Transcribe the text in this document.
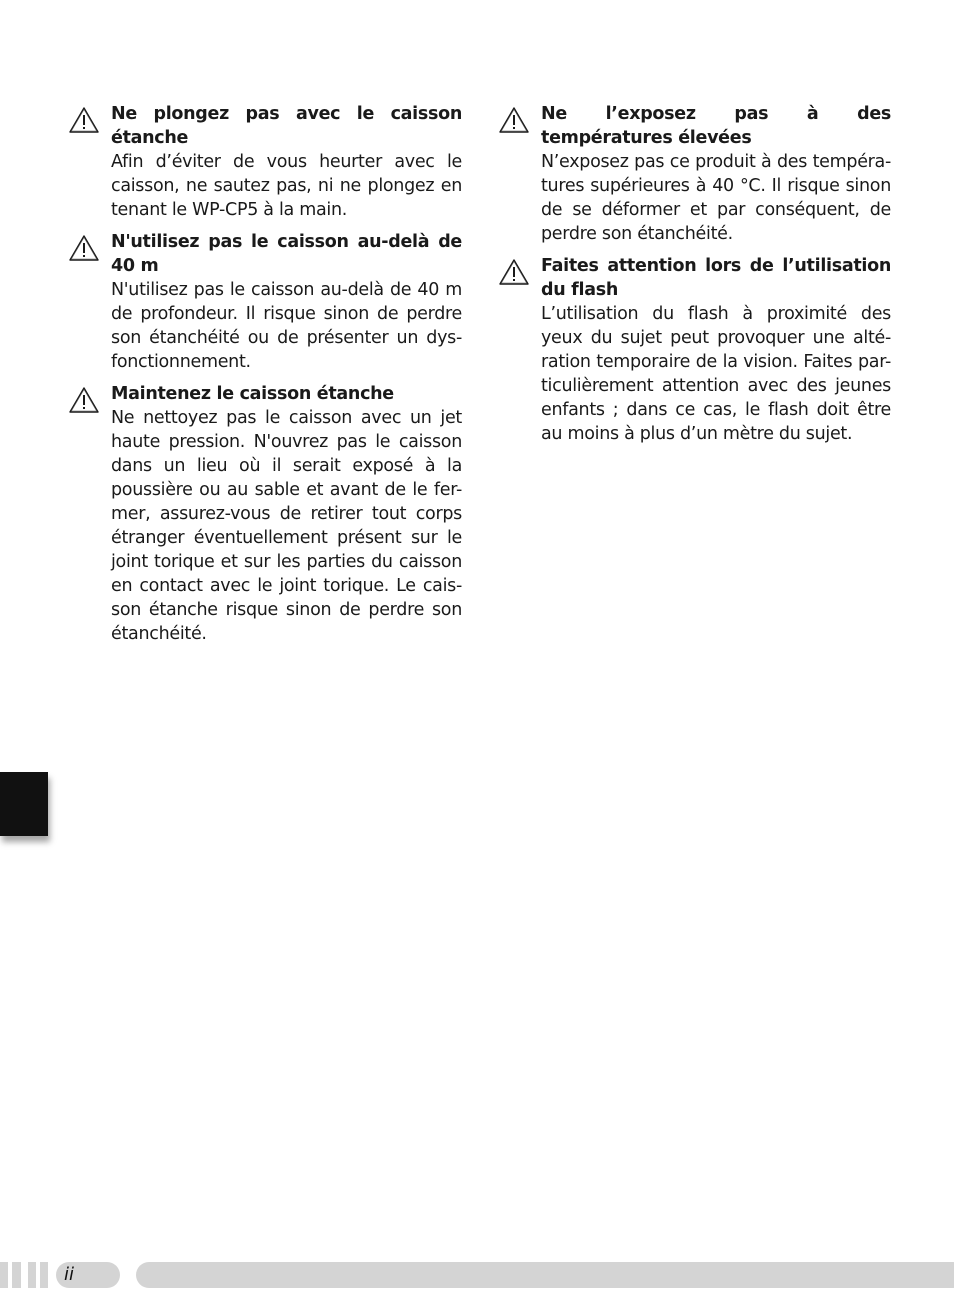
Ne plongez pas avec le caisson étanche
Afin d’éviter de vous heurter avec le caisson, ne sautez pas, ni ne plongez en tenant le WP-CP5 à la main.
N'utilisez pas le caisson au-delà de 40 m
N'utilisez pas le caisson au-delà de 40 m de profondeur. Il risque sinon de perdre son étanchéité ou de présenter un dys-fonctionnement.
Maintenez le caisson étanche
Ne nettoyez pas le caisson avec un jet haute pression. N'ouvrez pas le caisson dans un lieu où il serait exposé à la poussière ou au sable et avant de le fer-mer, assurez-vous de retirer tout corps étranger éventuellement présent sur le joint torique et sur les parties du caisson en contact avec le joint torique. Le cais-son étanche risque sinon de perdre son étanchéité.
Ne l’exposez pas à des températures élevées
N’exposez pas ce produit à des tempéra-tures supérieures à 40 °C. Il risque sinon de se déformer et par conséquent, de perdre son étanchéité.
Faites attention lors de l’utilisation du flash
L’utilisation du flash à proximité des yeux du sujet peut provoquer une alté-ration temporaire de la vision. Faites par-ticulièrement attention avec des jeunes enfants ; dans ce cas, le flash doit être au moins à plus d’un mètre du sujet.
ii
